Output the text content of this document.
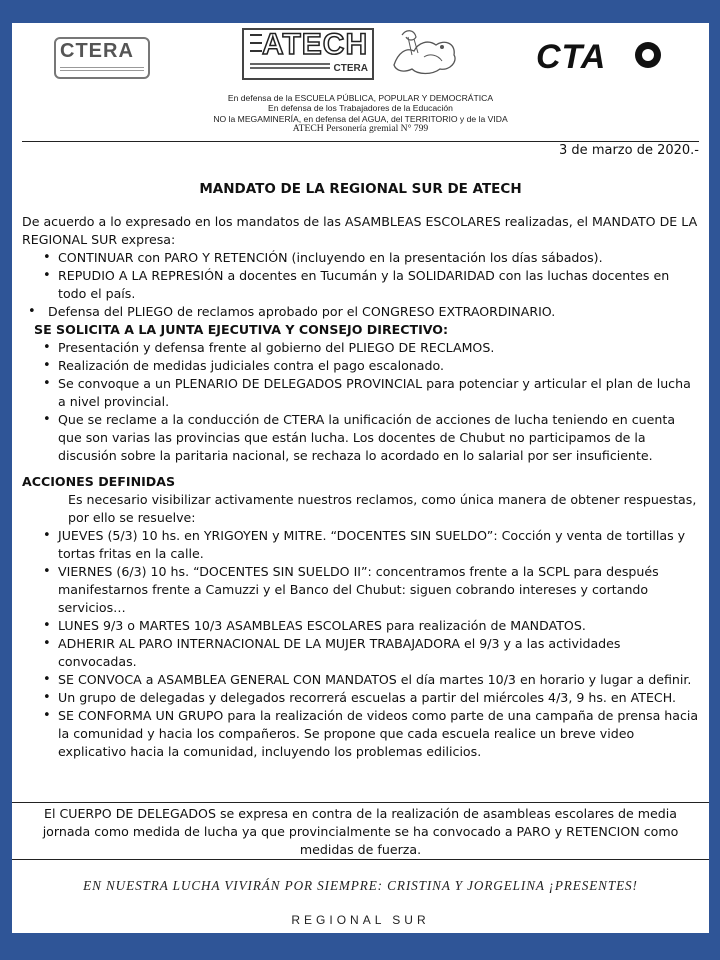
CTERA	ATECH
CTERA	CTA
En defensa de la ESCUELA PÚBLICA, POPULAR Y DEMOCRÁTICA
En defensa de los Trabajadores de la Educación
NO la MEGAMINERÍA, en defensa del AGUA, del TERRITORIO y de la VIDA
ATECH Personería gremial N° 799
3 de marzo de 2020.-
MANDATO DE LA REGIONAL SUR DE ATECH

De acuerdo a lo expresado en los mandatos de las ASAMBLEAS ESCOLARES realizadas, el MANDATO DE LA REGIONAL SUR expresa:

• CONTINUAR con PARO Y RETENCIÓN (incluyendo en la presentación los días sábados).
• REPUDIO A LA REPRESIÓN a docentes en Tucumán y la SOLIDARIDAD con las luchas docentes en todo el país.
• Defensa del PLIEGO de reclamos aprobado por el CONGRESO EXTRAORDINARIO.
SE SOLICITA A LA JUNTA EJECUTIVA Y CONSEJO DIRECTIVO:
• Presentación y defensa frente al gobierno del PLIEGO DE RECLAMOS.
• Realización de medidas judiciales contra el pago escalonado.
• Se convoque a un PLENARIO DE DELEGADOS PROVINCIAL para potenciar y articular el plan de lucha a nivel provincial.
• Que se reclame a la conducción de CTERA la unificación de acciones de lucha teniendo en cuenta que son varias las provincias que están lucha. Los docentes de Chubut no participamos de la discusión sobre la paritaria nacional, se rechaza lo acordado en lo salarial por ser insuficiente.
ACCIONES DEFINIDAS

Es necesario visibilizar activamente nuestros reclamos, como única manera de obtener respuestas, por ello se resuelve:

• JUEVES (5/3) 10 hs. en YRIGOYEN y MITRE. “DOCENTES SIN SUELDO”: Cocción y venta de tortillas y tortas fritas en la calle.
• VIERNES (6/3) 10 hs. “DOCENTES SIN SUELDO II”: concentramos frente a la SCPL para después manifestarnos frente a Camuzzi y el Banco del Chubut: siguen cobrando intereses y cortando servicios…
• LUNES 9/3 o MARTES 10/3 ASAMBLEAS ESCOLARES para realización de MANDATOS.
• ADHERIR AL PARO INTERNACIONAL DE LA MUJER TRABAJADORA el 9/3 y a las actividades convocadas.
• SE CONVOCA a ASAMBLEA GENERAL CON MANDATOS el día martes 10/3 en horario y lugar a definir.
• Un grupo de delegadas y delegados recorrerá escuelas a partir del miércoles 4/3, 9 hs. en ATECH.
• SE CONFORMA UN GRUPO para la realización de videos como parte de una campaña de prensa hacia la comunidad y hacia los compañeros. Se propone que cada escuela realice un breve video explicativo hacia la comunidad, incluyendo los problemas edilicios.
El CUERPO DE DELEGADOS se expresa en contra de la realización de asambleas escolares de media jornada como medida de lucha ya que provincialmente se ha convocado a PARO y RETENCION como medidas de fuerza.
EN NUESTRA LUCHA VIVIRÁN POR SIEMPRE: CRISTINA Y JORGELINA ¡PRESENTES!
REGIONAL SUR
